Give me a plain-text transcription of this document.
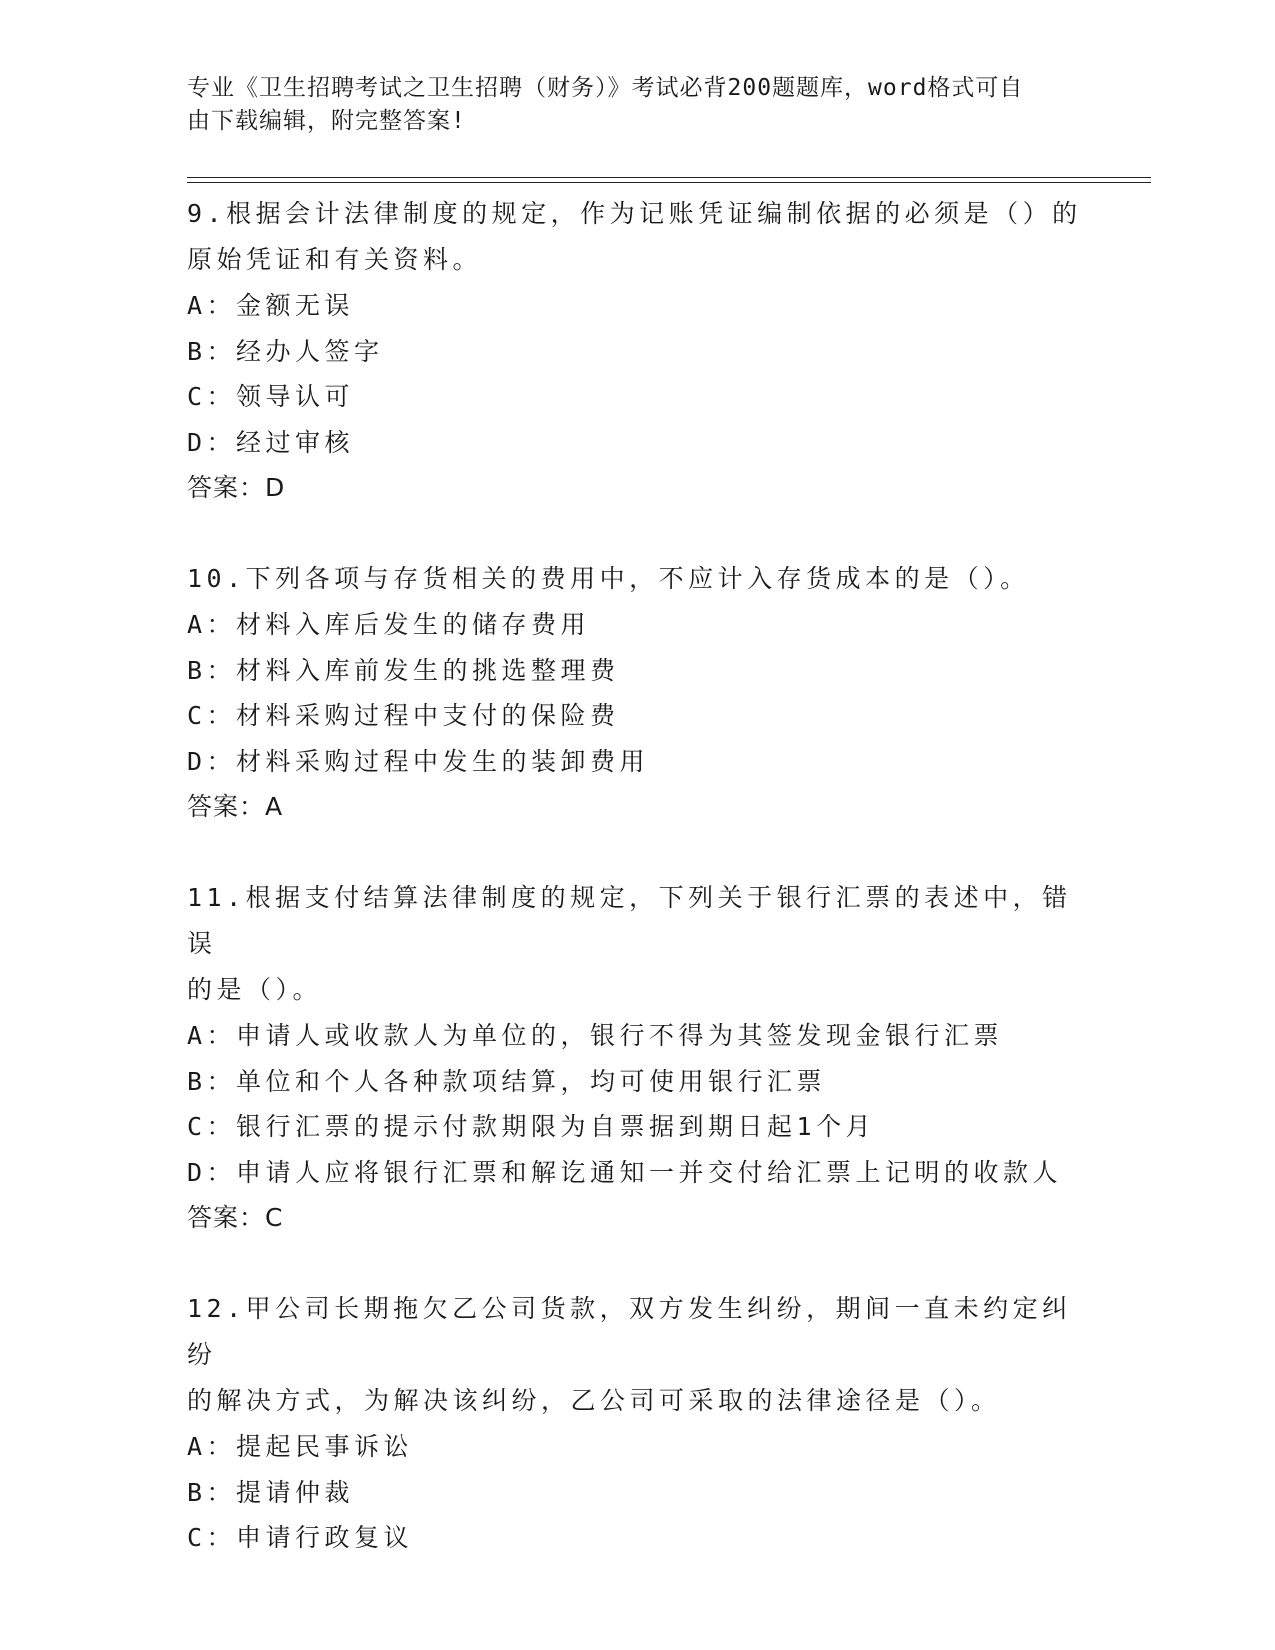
专业《卫生招聘考试之卫生招聘（财务）》考试必背200题题库，word格式可自
由下载编辑，附完整答案!
9.根据会计法律制度的规定，作为记账凭证编制依据的必须是（）的
原始凭证和有关资料。
A：金额无误
B：经办人签字
C：领导认可
D：经过审核
答案：D
10.下列各项与存货相关的费用中，不应计入存货成本的是（）。
A：材料入库后发生的储存费用
B：材料入库前发生的挑选整理费
C：材料采购过程中支付的保险费
D：材料采购过程中发生的装卸费用
答案：A
11.根据支付结算法律制度的规定，下列关于银行汇票的表述中，错误
的是（）。
A：申请人或收款人为单位的，银行不得为其签发现金银行汇票
B：单位和个人各种款项结算，均可使用银行汇票
C：银行汇票的提示付款期限为自票据到期日起1个月
D：申请人应将银行汇票和解讫通知一并交付给汇票上记明的收款人
答案：C
12.甲公司长期拖欠乙公司货款，双方发生纠纷，期间一直未约定纠纷
的解决方式，为解决该纠纷，乙公司可采取的法律途径是（）。
A：提起民事诉讼
B：提请仲裁
C：申请行政复议
